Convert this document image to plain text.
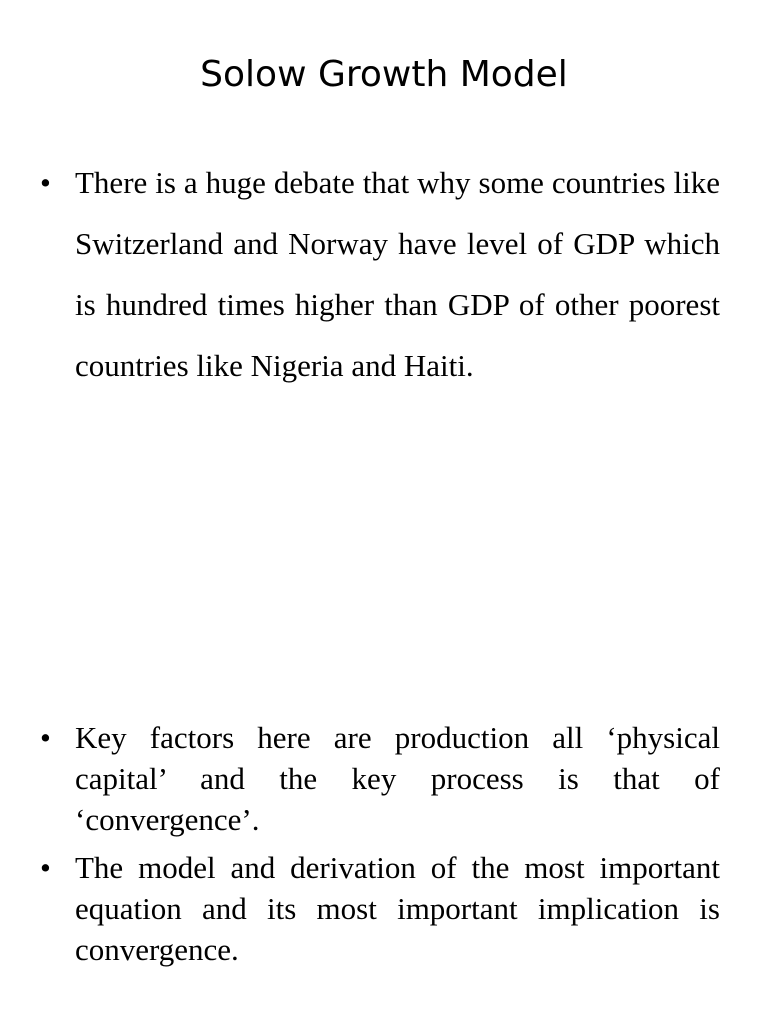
Solow Growth Model
• There is a huge debate that why some countries like Switzerland and Norway have level of GDP which is hundred times higher than GDP of other poorest countries like Nigeria and Haiti.
• Key factors here are production all ‘physical capital’ and the key process is that of ‘convergence’.
• The model and derivation of the most important equation and its most important implication is convergence.
